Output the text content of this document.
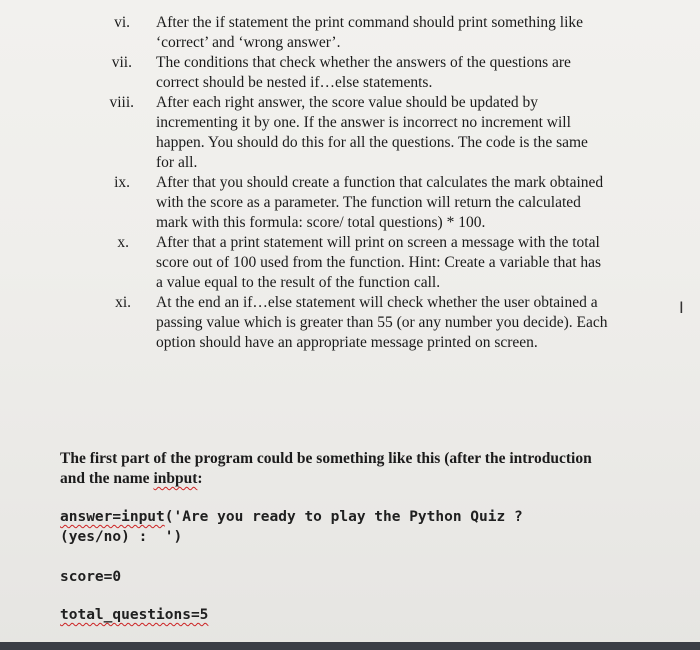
vi. After the if statement the print command should print something like
‘correct’ and ‘wrong answer’.

vii. The conditions that check whether the answers of the questions are
correct should be nested if…else statements.

viii. After each right answer, the score value should be updated by
incrementing it by one. If the answer is incorrect no increment will
happen. You should do this for all the questions. The code is the same
for all.

ix. After that you should create a function that calculates the mark obtained
with the score as a parameter. The function will return the calculated
mark with this formula: score/ total questions) * 100.

x. After that a print statement will print on screen a message with the total
score out of 100 used from the function. Hint: Create a variable that has
a value equal to the result of the function call.

xi. At the end an if…else statement will check whether the user obtained a
passing value which is greater than 55 (or any number you decide). Each
option should have an appropriate message printed on screen.

I

The first part of the program could be something like this (after the introduction
and the name inbput:

answer=input('Are you ready to play the Python Quiz ?

(yes/no) :  ')

score=0

total_questions=5
